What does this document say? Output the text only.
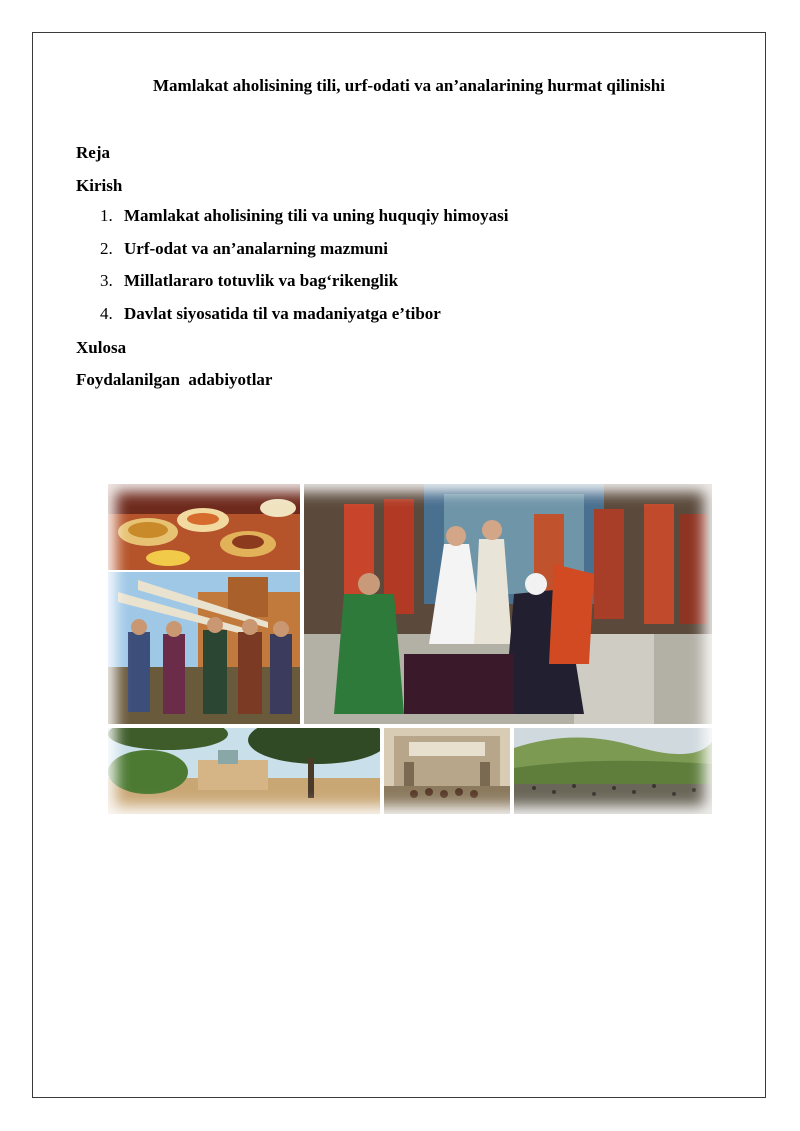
Mamlakat aholisining tili, urf-odati va an’analarining hurmat qilinishi
Reja
Kirish
1. Mamlakat aholisining tili va uning huquqiy himoyasi
2. Urf-odat va an’analarning mazmuni
3. Millatlararo totuvlik va bag‘rikenglik
4. Davlat siyosatida til va madaniyatga e’tibor
Xulosa
Foydalanilgan  adabiyotlar
